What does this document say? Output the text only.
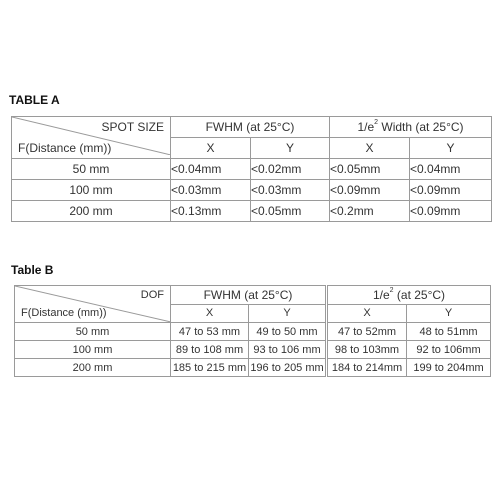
TABLE A
SPOT SIZE
F(Distance (mm))	FWHM (at 25°C)		$1/e^2$ Width (at 25°C)	
	X	Y	X	Y
50 mm	<0.04mm	<0.02mm	<0.05mm	<0.04mm
100 mm	<0.03mm	<0.03mm	<0.09mm	<0.09mm
200 mm	<0.13mm	<0.05mm	<0.2mm	<0.09mm
Table B
DOF
F(Distance (mm))	FWHM (at 25°C)		$1/e^2$ (at 25°C)	
	X	Y	X	Y
50 mm	47 to 53 mm	49 to 50 mm	47 to 52mm	48 to 51mm
100 mm	89 to 108 mm	93 to 106 mm	98 to 103mm	92 to 106mm
200 mm	185 to 215 mm	196 to 205 mm	184 to 214mm	199 to 204mm
